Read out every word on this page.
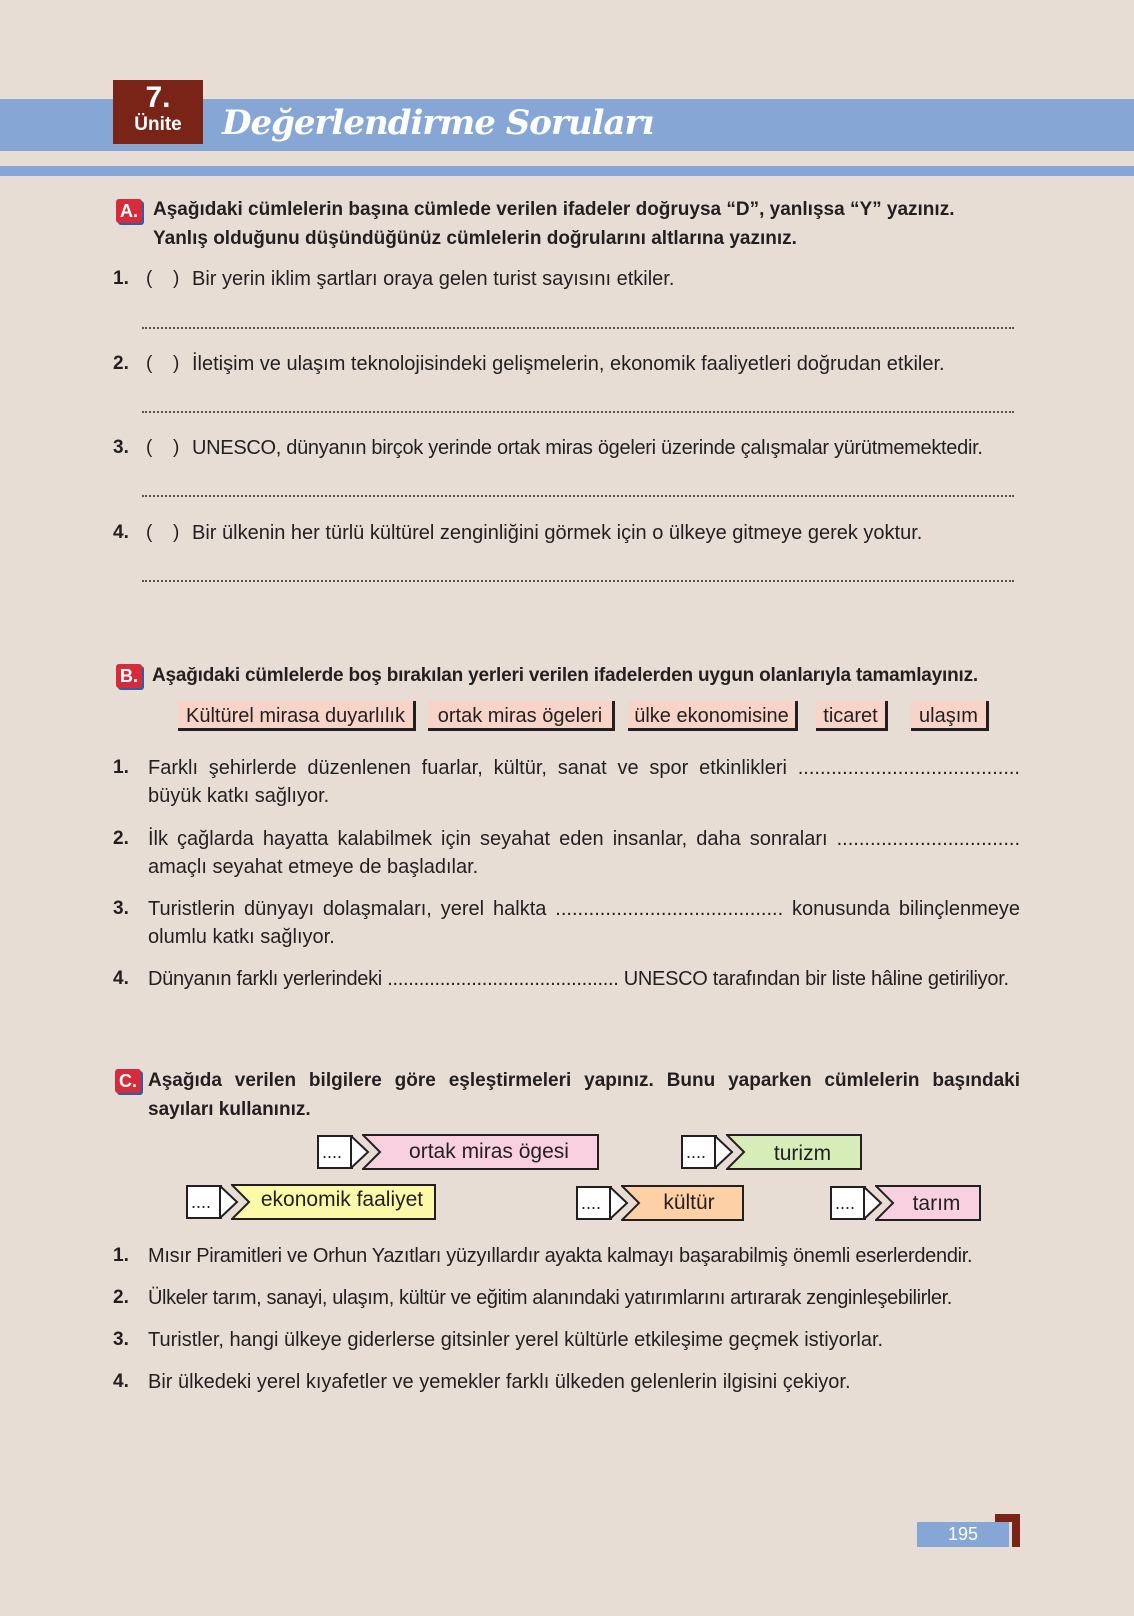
7.
Ünite	Değerlendirme Soruları
A. Aşağıdaki cümlelerin başına cümlede verilen ifadeler doğruysa “D”, yanlışsa “Y” yazınız.
Yanlış olduğunu düşündüğünüz cümlelerin doğrularını altlarına yazınız.
1. ( ) Bir yerin iklim şartları oraya gelen turist sayısını etkiler.
2. ( ) İletişim ve ulaşım teknolojisindeki gelişmelerin, ekonomik faaliyetleri doğrudan etkiler.
3. ( ) UNESCO, dünyanın birçok yerinde ortak miras ögeleri üzerinde çalışmalar yürütmemektedir.
4. ( ) Bir ülkenin her türlü kültürel zenginliğini görmek için o ülkeye gitmeye gerek yoktur.
B. Aşağıdaki cümlelerde boş bırakılan yerleri verilen ifadelerden uygun olanlarıyla tamamlayınız.
Kültürel mirasa duyarlılık	ortak miras ögeleri	ülke ekonomisine	ticaret	ulaşım
1. Farklı şehirlerde düzenlenen fuarlar, kültür, sanat ve spor etkinlikleri ........................................
büyük katkı sağlıyor.
2. İlk çağlarda hayatta kalabilmek için seyahat eden insanlar, daha sonraları .................................
amaçlı seyahat etmeye de başladılar.
3. Turistlerin dünyayı dolaşmaları, yerel halkta ......................................... konusunda bilinçlenmeye
olumlu katkı sağlıyor.
4. Dünyanın farklı yerlerindeki ............................................ UNESCO tarafından bir liste hâline getiriliyor.
C. Aşağıda verilen bilgilere göre eşleştirmeleri yapınız. Bunu yaparken cümlelerin başındaki
sayıları kullanınız.
....	ortak miras ögesi	....	turizm
....	ekonomik faaliyet	....	kültür	....	tarım
1. Mısır Piramitleri ve Orhun Yazıtları yüzyıllardır ayakta kalmayı başarabilmiş önemli eserlerdendir.
2. Ülkeler tarım, sanayi, ulaşım, kültür ve eğitim alanındaki yatırımlarını artırarak zenginleşebilirler.
3. Turistler, hangi ülkeye giderlerse gitsinler yerel kültürle etkileşime geçmek istiyorlar.
4. Bir ülkedeki yerel kıyafetler ve yemekler farklı ülkeden gelenlerin ilgisini çekiyor.
195
